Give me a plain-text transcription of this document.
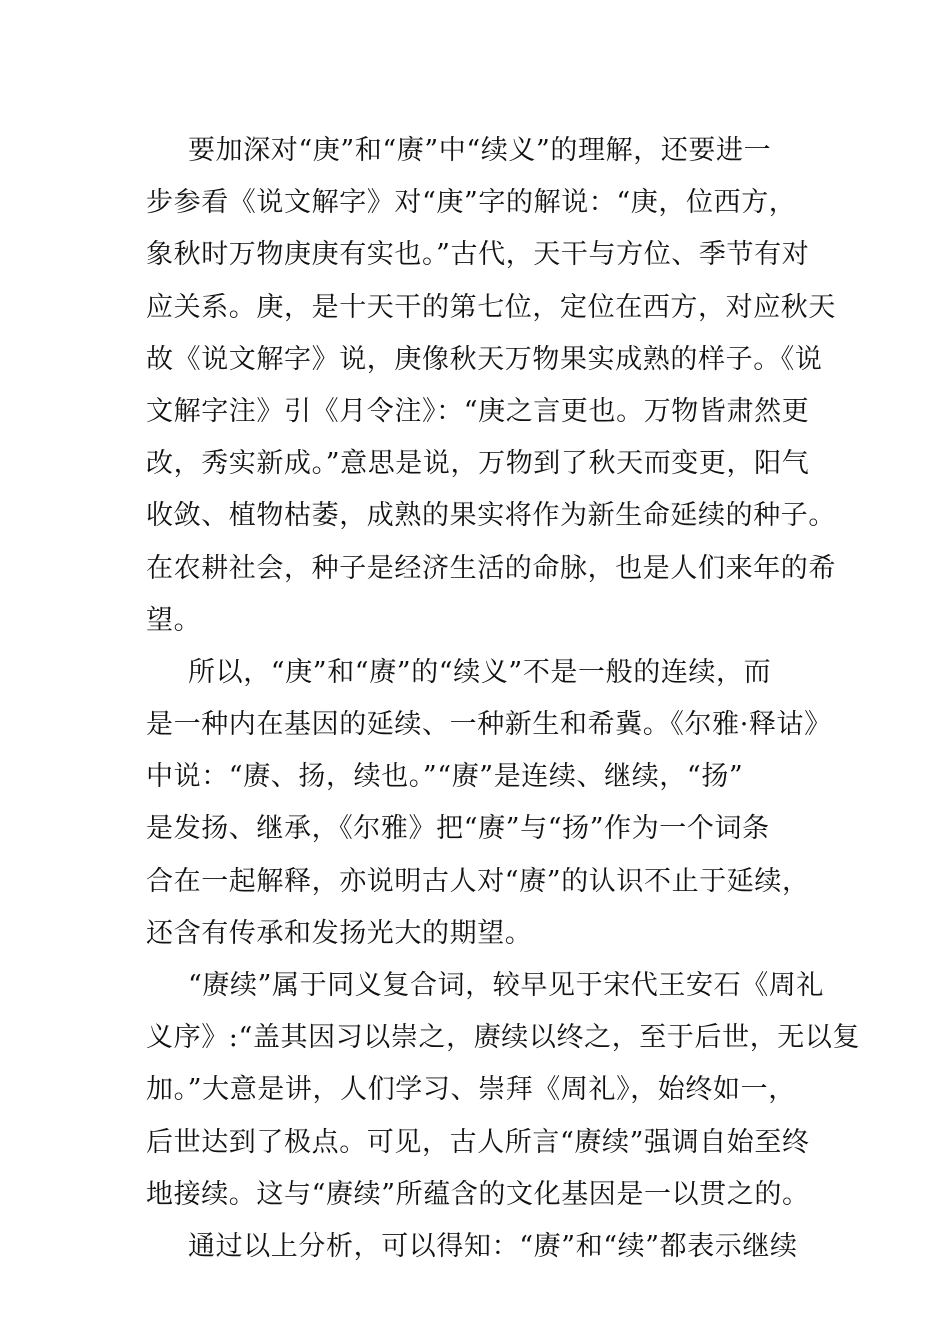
要加深对“庚”和“赓”中“续义”的理解，还要进一
步参看《说文解字》对“庚”字的解说：“庚，位西方，
象秋时万物庚庚有实也。”古代，天干与方位、季节有对
应关系。庚，是十天干的第七位，定位在西方，对应秋天
故《说文解字》说，庚像秋天万物果实成熟的样子。《说
文解字注》引《月令注》：“庚之言更也。万物皆肃然更
改，秀实新成。”意思是说，万物到了秋天而变更，阳气
收敛、植物枯萎，成熟的果实将作为新生命延续的种子。
在农耕社会，种子是经济生活的命脉，也是人们来年的希
望。
所以，“庚”和“赓”的“续义”不是一般的连续，而
是一种内在基因的延续、一种新生和希冀。《尔雅·释诂》
中说：“赓、扬，续也。”“赓”是连续、继续，“扬”
是发扬、继承，《尔雅》把“赓”与“扬”作为一个词条
合在一起解释，亦说明古人对“赓”的认识不止于延续，
还含有传承和发扬光大的期望。
“赓续”属于同义复合词，较早见于宋代王安石《周礼
义序》:“盖其因习以崇之，赓续以终之，至于后世，无以复
加。”大意是讲，人们学习、崇拜《周礼》，始终如一，
后世达到了极点。可见，古人所言“赓续”强调自始至终
地接续。这与“赓续”所蕴含的文化基因是一以贯之的。
通过以上分析，可以得知：“赓”和“续”都表示继续
